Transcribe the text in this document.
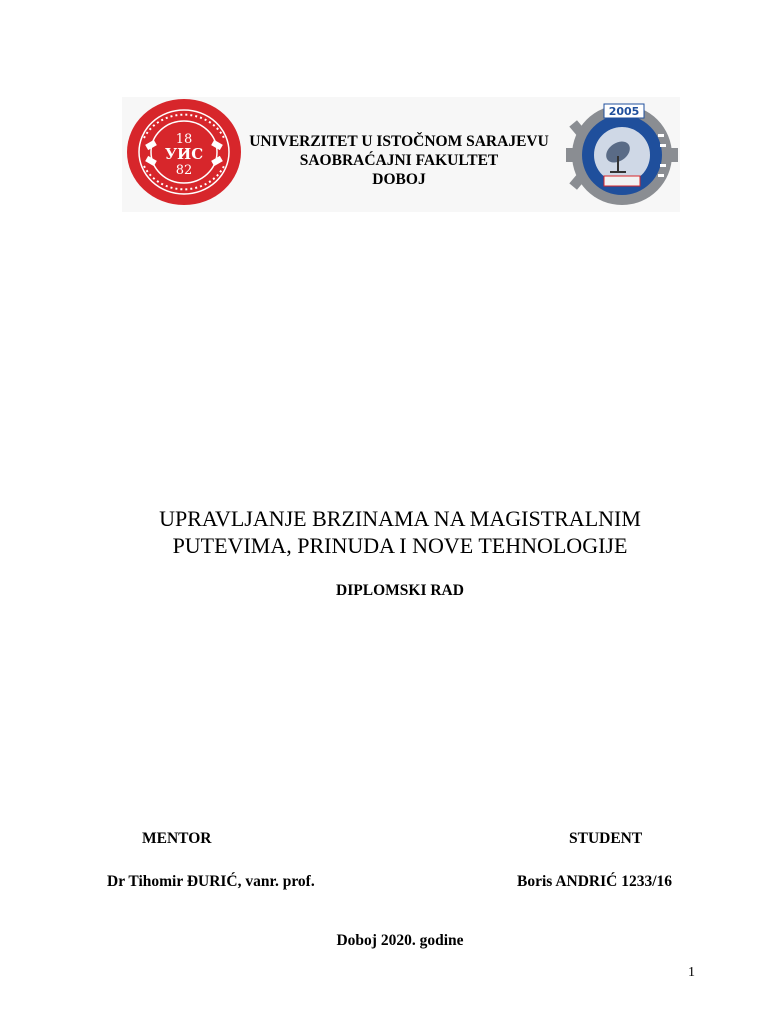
18
УИС
82
UNIVERZITET U ISTOČNOM SARAJEVU
SAOBRAĆAJNI FAKULTET
DOBOJ
2005
UPRAVLJANJE BRZINAMA NA MAGISTRALNIM
PUTEVIMA, PRINUDA I NOVE TEHNOLOGIJE
DIPLOMSKI RAD
MENTOR	STUDENT
Dr Tihomir ĐURIĆ, vanr. prof.	Boris ANDRIĆ 1233/16
Doboj 2020. godine
1
